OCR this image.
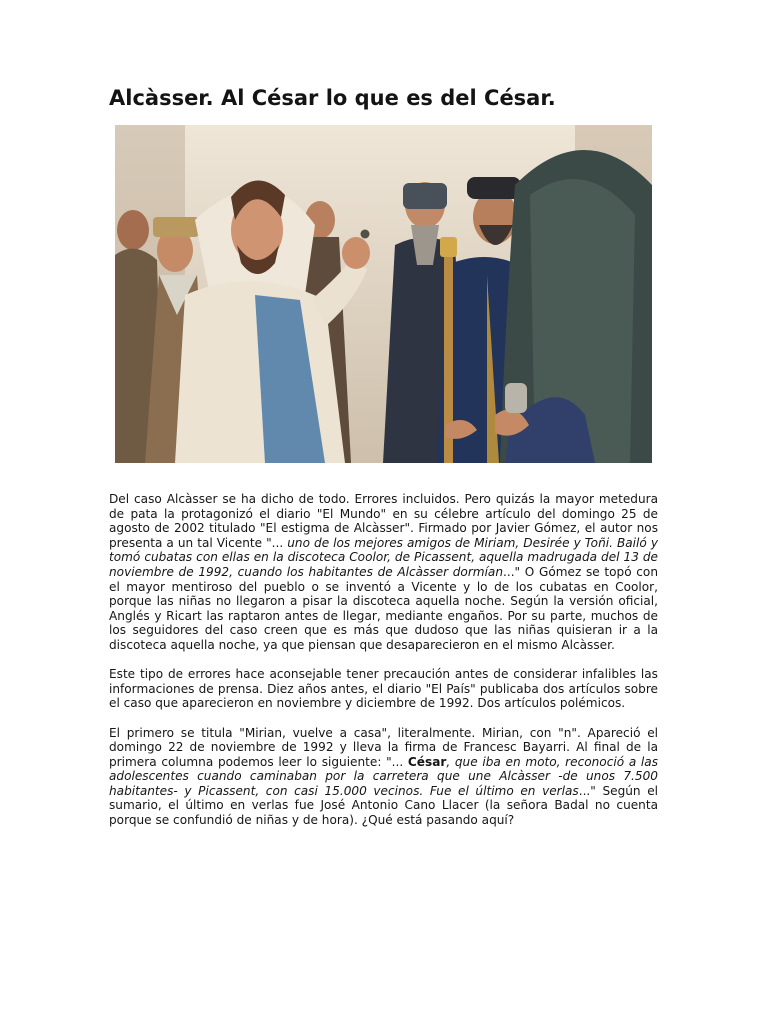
Alcàsser. Al César lo que es del César.

Del caso Alcàsser se ha dicho de todo. Errores incluidos. Pero quizás la mayor metedura de pata la protagonizó el diario "El Mundo" en su célebre artículo del domingo 25 de agosto de 2002 titulado "El estigma de Alcàsser". Firmado por Javier Gómez, el autor nos presenta a un tal Vicente "... uno de los mejores amigos de Miriam, Desirée y Toñi. Bailó y tomó cubatas con ellas en la discoteca Coolor, de Picassent, aquella madrugada del 13 de noviembre de 1992, cuando los habitantes de Alcàsser dormían..." O Gómez se topó con el mayor mentiroso del pueblo o se inventó a Vicente y lo de los cubatas en Coolor, porque las niñas no llegaron a pisar la discoteca aquella noche. Según la versión oficial, Anglés y Ricart las raptaron antes de llegar, mediante engaños. Por su parte, muchos de los seguidores del caso creen que es más que dudoso que las niñas quisieran ir a la discoteca aquella noche, ya que piensan que desaparecieron en el mismo Alcàsser.

Este tipo de errores hace aconsejable tener precaución antes de considerar infalibles las informaciones de prensa. Diez años antes, el diario "El País" publicaba dos artículos sobre el caso que aparecieron en noviembre y diciembre de 1992. Dos artículos polémicos.

El primero se titula "Mirian, vuelve a casa", literalmente. Mirian, con "n". Apareció el domingo 22 de noviembre de 1992 y lleva la firma de Francesc Bayarri. Al final de la primera columna podemos leer lo siguiente: "... César, que iba en moto, reconoció a las adolescentes cuando caminaban por la carretera que une Alcàsser -de unos 7.500 habitantes- y Picassent, con casi 15.000 vecinos. Fue el último en verlas..." Según el sumario, el último en verlas fue José Antonio Cano Llacer (la señora Badal no cuenta porque se confundió de niñas y de hora). ¿Qué está pasando aquí?
